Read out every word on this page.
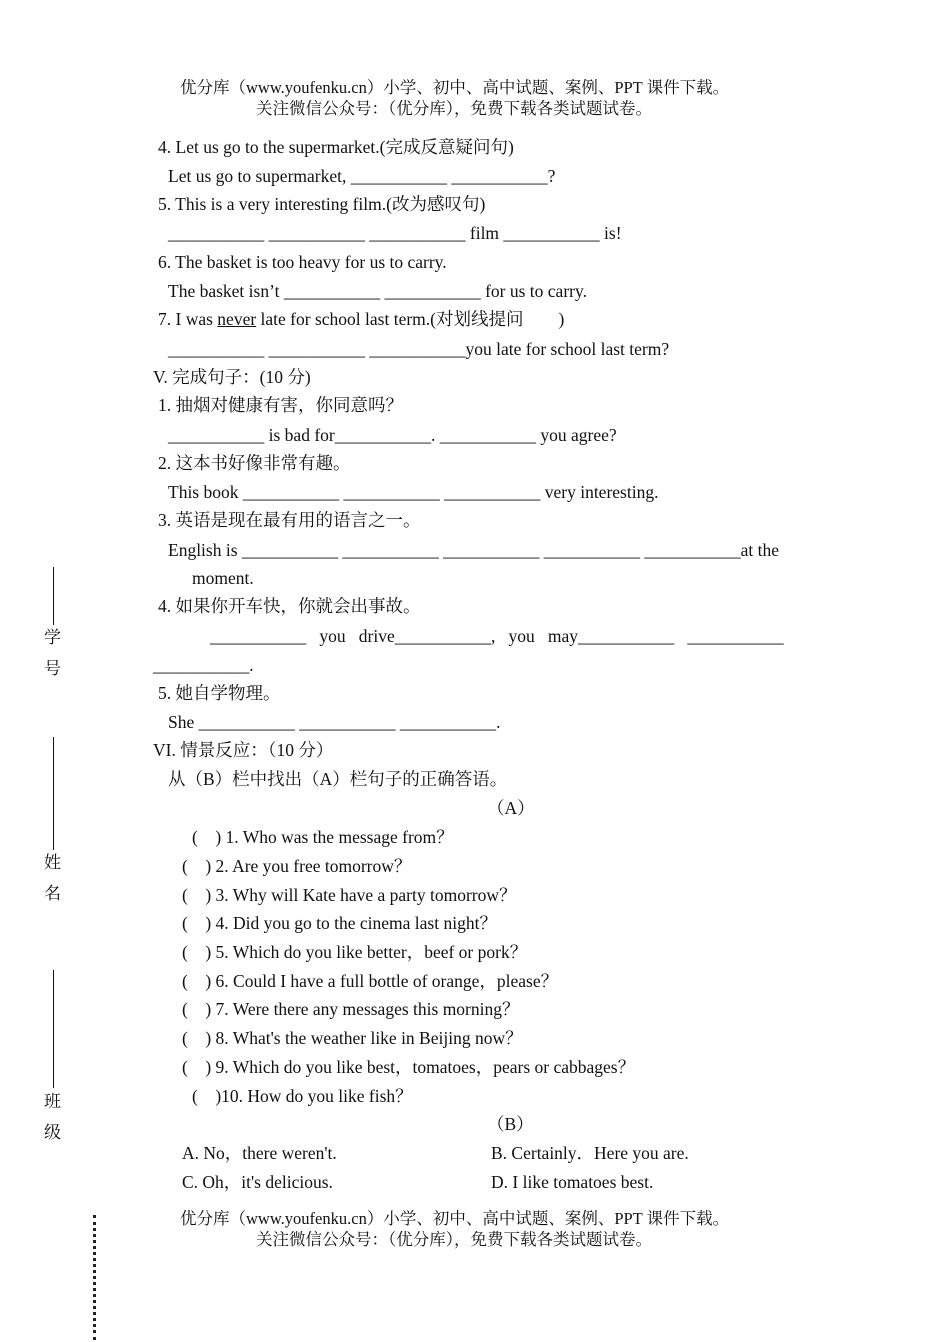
优分库（www.youfenku.cn）小学、初中、高中试题、案例、PPT 课件下载。
关注微信公众号：（优分库），免费下载各类试题试卷。
4. Let us go to the supermarket.(完成反意疑问句)
Let us go to supermarket, ___________ ___________?
5. This is a very interesting film.(改为感叹句)
___________ ___________ ___________ film ___________ is!
6. The basket is too heavy for us to carry.
The basket isn’t ___________ ___________ for us to carry.
7. I was never late for school last term.(对划线提问        )
___________ ___________ ___________you late for school last term?
V. 完成句子：(10 分)
1. 抽烟对健康有害，你同意吗？
___________ is bad for___________. ___________ you agree?
2. 这本书好像非常有趣。
This book ___________ ___________ ___________ very interesting.
3. 英语是现在最有用的语言之一。
English is ___________ ___________ ___________ ___________ ___________at the
moment.
4. 如果你开车快，你就会出事故。
___________   you   drive___________,   you   may___________   ___________
___________.
5. 她自学物理。
She ___________ ___________ ___________.
VI. 情景反应：（10 分）
从（B）栏中找出（A）栏句子的正确答语。
（A）
(    ) 1. Who was the message from？
(    ) 2. Are you free tomorrow？
(    ) 3. Why will Kate have a party tomorrow？
(    ) 4. Did you go to the cinema last night？
(    ) 5. Which do you like better，beef or pork？
(    ) 6. Could I have a full bottle of orange，please？
(    ) 7. Were there any messages this morning？
(    ) 8. What's the weather like in Beijing now？
(    ) 9. Which do you like best，tomatoes，pears or cabbages？
(    )10. How do you like fish？
（B）
A. No，there weren't.	B. Certainly．Here you are.
C. Oh，it's delicious.	D. I like tomatoes best.
优分库（www.youfenku.cn）小学、初中、高中试题、案例、PPT 课件下载。
关注微信公众号：（优分库），免费下载各类试题试卷。
学号
姓名
班级
